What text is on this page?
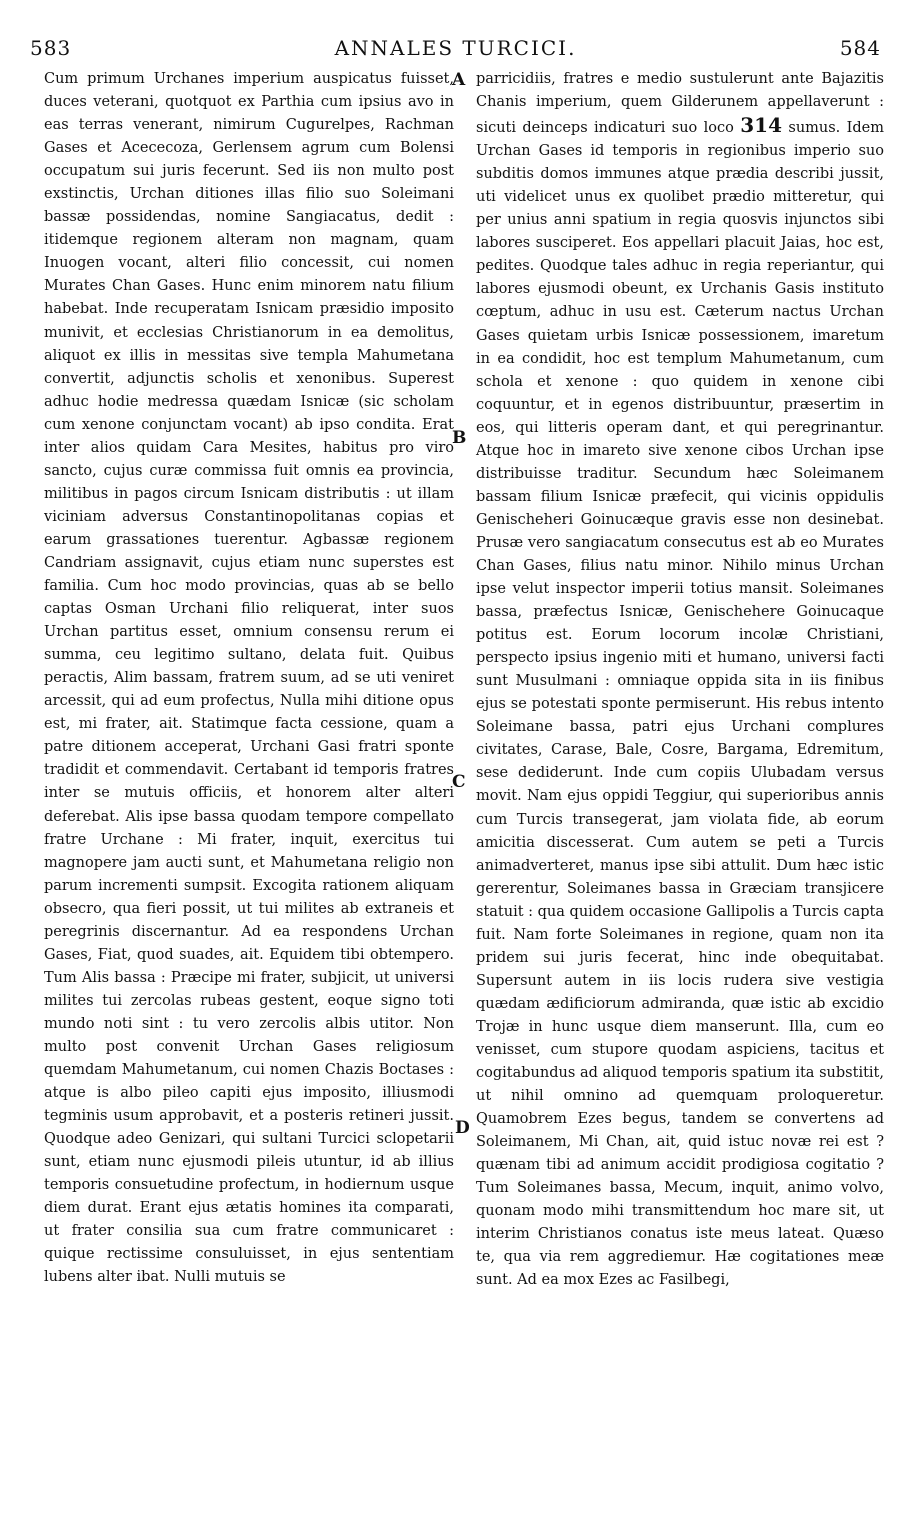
583	ANNALES TURCICI.	584
Cum primum Urchanes imperium auspicatus fuisset, duces veterani, quotquot ex Parthia cum ipsius avo in eas terras venerant, nimirum Cugurelpes, Rachman Gases et Acececoza, Gerlensem agrum cum Bolensi occupatum sui juris fecerunt. Sed iis non multo post exstinctis, Urchan ditiones illas filio suo Soleimani bassæ possidendas, nomine Sangiacatus, dedit : itidemque regionem alteram non magnam, quam Inuogen vocant, alteri filio concessit, cui nomen Murates Chan Gases. Hunc enim minorem natu filium habebat. Inde recuperatam Isnicam præsidio imposito munivit, et ecclesias Christianorum in ea demolitus, aliquot ex illis in messitas sive templa Mahumetana convertit, adjunctis scholis et xenonibus. Superest adhuc hodie medressa quædam Isnicæ (sic scholam cum xenone conjunctam vocant) ab ipso condita. Erat inter alios quidam Cara Mesites, habitus pro viro sancto, cujus curæ commissa fuit omnis ea provincia, militibus in pagos circum Isnicam distributis : ut illam viciniam adversus Constantinopolitanas copias et earum grassationes tuerentur. Agbassæ regionem Candriam assignavit, cujus etiam nunc superstes est familia. Cum hoc modo provincias, quas ab se bello captas Osman Urchani filio reliquerat, inter suos Urchan partitus esset, omnium consensu rerum ei summa, ceu legitimo sultano, delata fuit. Quibus peractis, Alim bassam, fratrem suum, ad se uti veniret arcessit, qui ad eum profectus, Nulla mihi ditione opus est, mi frater, ait. Statimque facta cessione, quam a patre ditionem acceperat, Urchani Gasi fratri sponte tradidit et commendavit. Certabant id temporis fratres inter se mutuis officiis, et honorem alter alteri deferebat. Alis ipse bassa quodam tempore compellato fratre Urchane : Mi frater, inquit, exercitus tui magnopere jam aucti sunt, et Mahumetana religio non parum incrementi sumpsit. Excogita rationem aliquam obsecro, qua fieri possit, ut tui milites ab extraneis et peregrinis discernantur. Ad ea respondens Urchan Gases, Fiat, quod suades, ait. Equidem tibi obtempero. Tum Alis bassa : Præcipe mi frater, subjicit, ut universi milites tui zercolas rubeas gestent, eoque signo toti mundo noti sint : tu vero zercolis albis utitor. Non multo post convenit Urchan Gases religiosum quemdam Mahumetanum, cui nomen Chazis Boctases : atque is albo pileo capiti ejus imposito, illiusmodi tegminis usum approbavit, et a posteris retineri jussit. Quodque adeo Genizari, qui sultani Turcici sclopetarii sunt, etiam nunc ejusmodi pileis utuntur, id ab illius temporis consuetudine profectum, in hodiernum usque diem durat. Erant ejus ætatis homines ita comparati, ut frater consilia sua cum fratre communicaret : quique rectissime consuluisset, in ejus sententiam lubens alter ibat. Nulli mutuis se
A
B
C
D
parricidiis, fratres e medio sustulerunt ante Bajazitis Chanis imperium, quem Gilderunem appellaverunt : sicuti deinceps indicaturi suo loco 314 sumus. Idem Urchan Gases id temporis in regionibus imperio suo subditis domos immunes atque prædia describi jussit, uti videlicet unus ex quolibet prædio mitteretur, qui per unius anni spatium in regia quosvis injunctos sibi labores susciperet. Eos appellari placuit Jaias, hoc est, pedites. Quodque tales adhuc in regia reperiantur, qui labores ejusmodi obeunt, ex Urchanis Gasis instituto cœptum, adhuc in usu est. Cæterum nactus Urchan Gases quietam urbis Isnicæ possessionem, imaretum in ea condidit, hoc est templum Mahumetanum, cum schola et xenone : quo quidem in xenone cibi coquuntur, et in egenos distribuuntur, præsertim in eos, qui litteris operam dant, et qui peregrinantur. Atque hoc in imareto sive xenone cibos Urchan ipse distribuisse traditur. Secundum hæc Soleimanem bassam filium Isnicæ præfecit, qui vicinis oppidulis Genischeheri Goinucæque gravis esse non desinebat. Prusæ vero sangiacatum consecutus est ab eo Murates Chan Gases, filius natu minor. Nihilo minus Urchan ipse velut inspector imperii totius mansit. Soleimanes bassa, præfectus Isnicæ, Genischehere Goinucaque potitus est. Eorum locorum incolæ Christiani, perspecto ipsius ingenio miti et humano, universi facti sunt Musulmani : omniaque oppida sita in iis finibus ejus se potestati sponte permiserunt. His rebus intento Soleimane bassa, patri ejus Urchani complures civitates, Carase, Bale, Cosre, Bargama, Edremitum, sese dediderunt. Inde cum copiis Ulubadam versus movit. Nam ejus oppidi Teggiur, qui superioribus annis cum Turcis transegerat, jam violata fide, ab eorum amicitia discesserat. Cum autem se peti a Turcis animadverteret, manus ipse sibi attulit. Dum hæc istic gererentur, Soleimanes bassa in Græciam transjicere statuit : qua quidem occasione Gallipolis a Turcis capta fuit. Nam forte Soleimanes in regione, quam non ita pridem sui juris fecerat, hinc inde obequitabat. Supersunt autem in iis locis rudera sive vestigia quædam ædificiorum admiranda, quæ istic ab excidio Trojæ in hunc usque diem manserunt. Illa, cum eo venisset, cum stupore quodam aspiciens, tacitus et cogitabundus ad aliquod temporis spatium ita substitit, ut nihil omnino ad quemquam proloqueretur. Quamobrem Ezes begus, tandem se convertens ad Soleimanem, Mi Chan, ait, quid istuc novæ rei est ? quænam tibi ad animum accidit prodigiosa cogitatio ? Tum Soleimanes bassa, Mecum, inquit, animo volvo, quonam modo mihi transmittendum hoc mare sit, ut interim Christianos conatus iste meus lateat. Quæso te, qua via rem aggrediemur. Hæ cogitationes meæ sunt. Ad ea mox Ezes ac Fasilbegi,
